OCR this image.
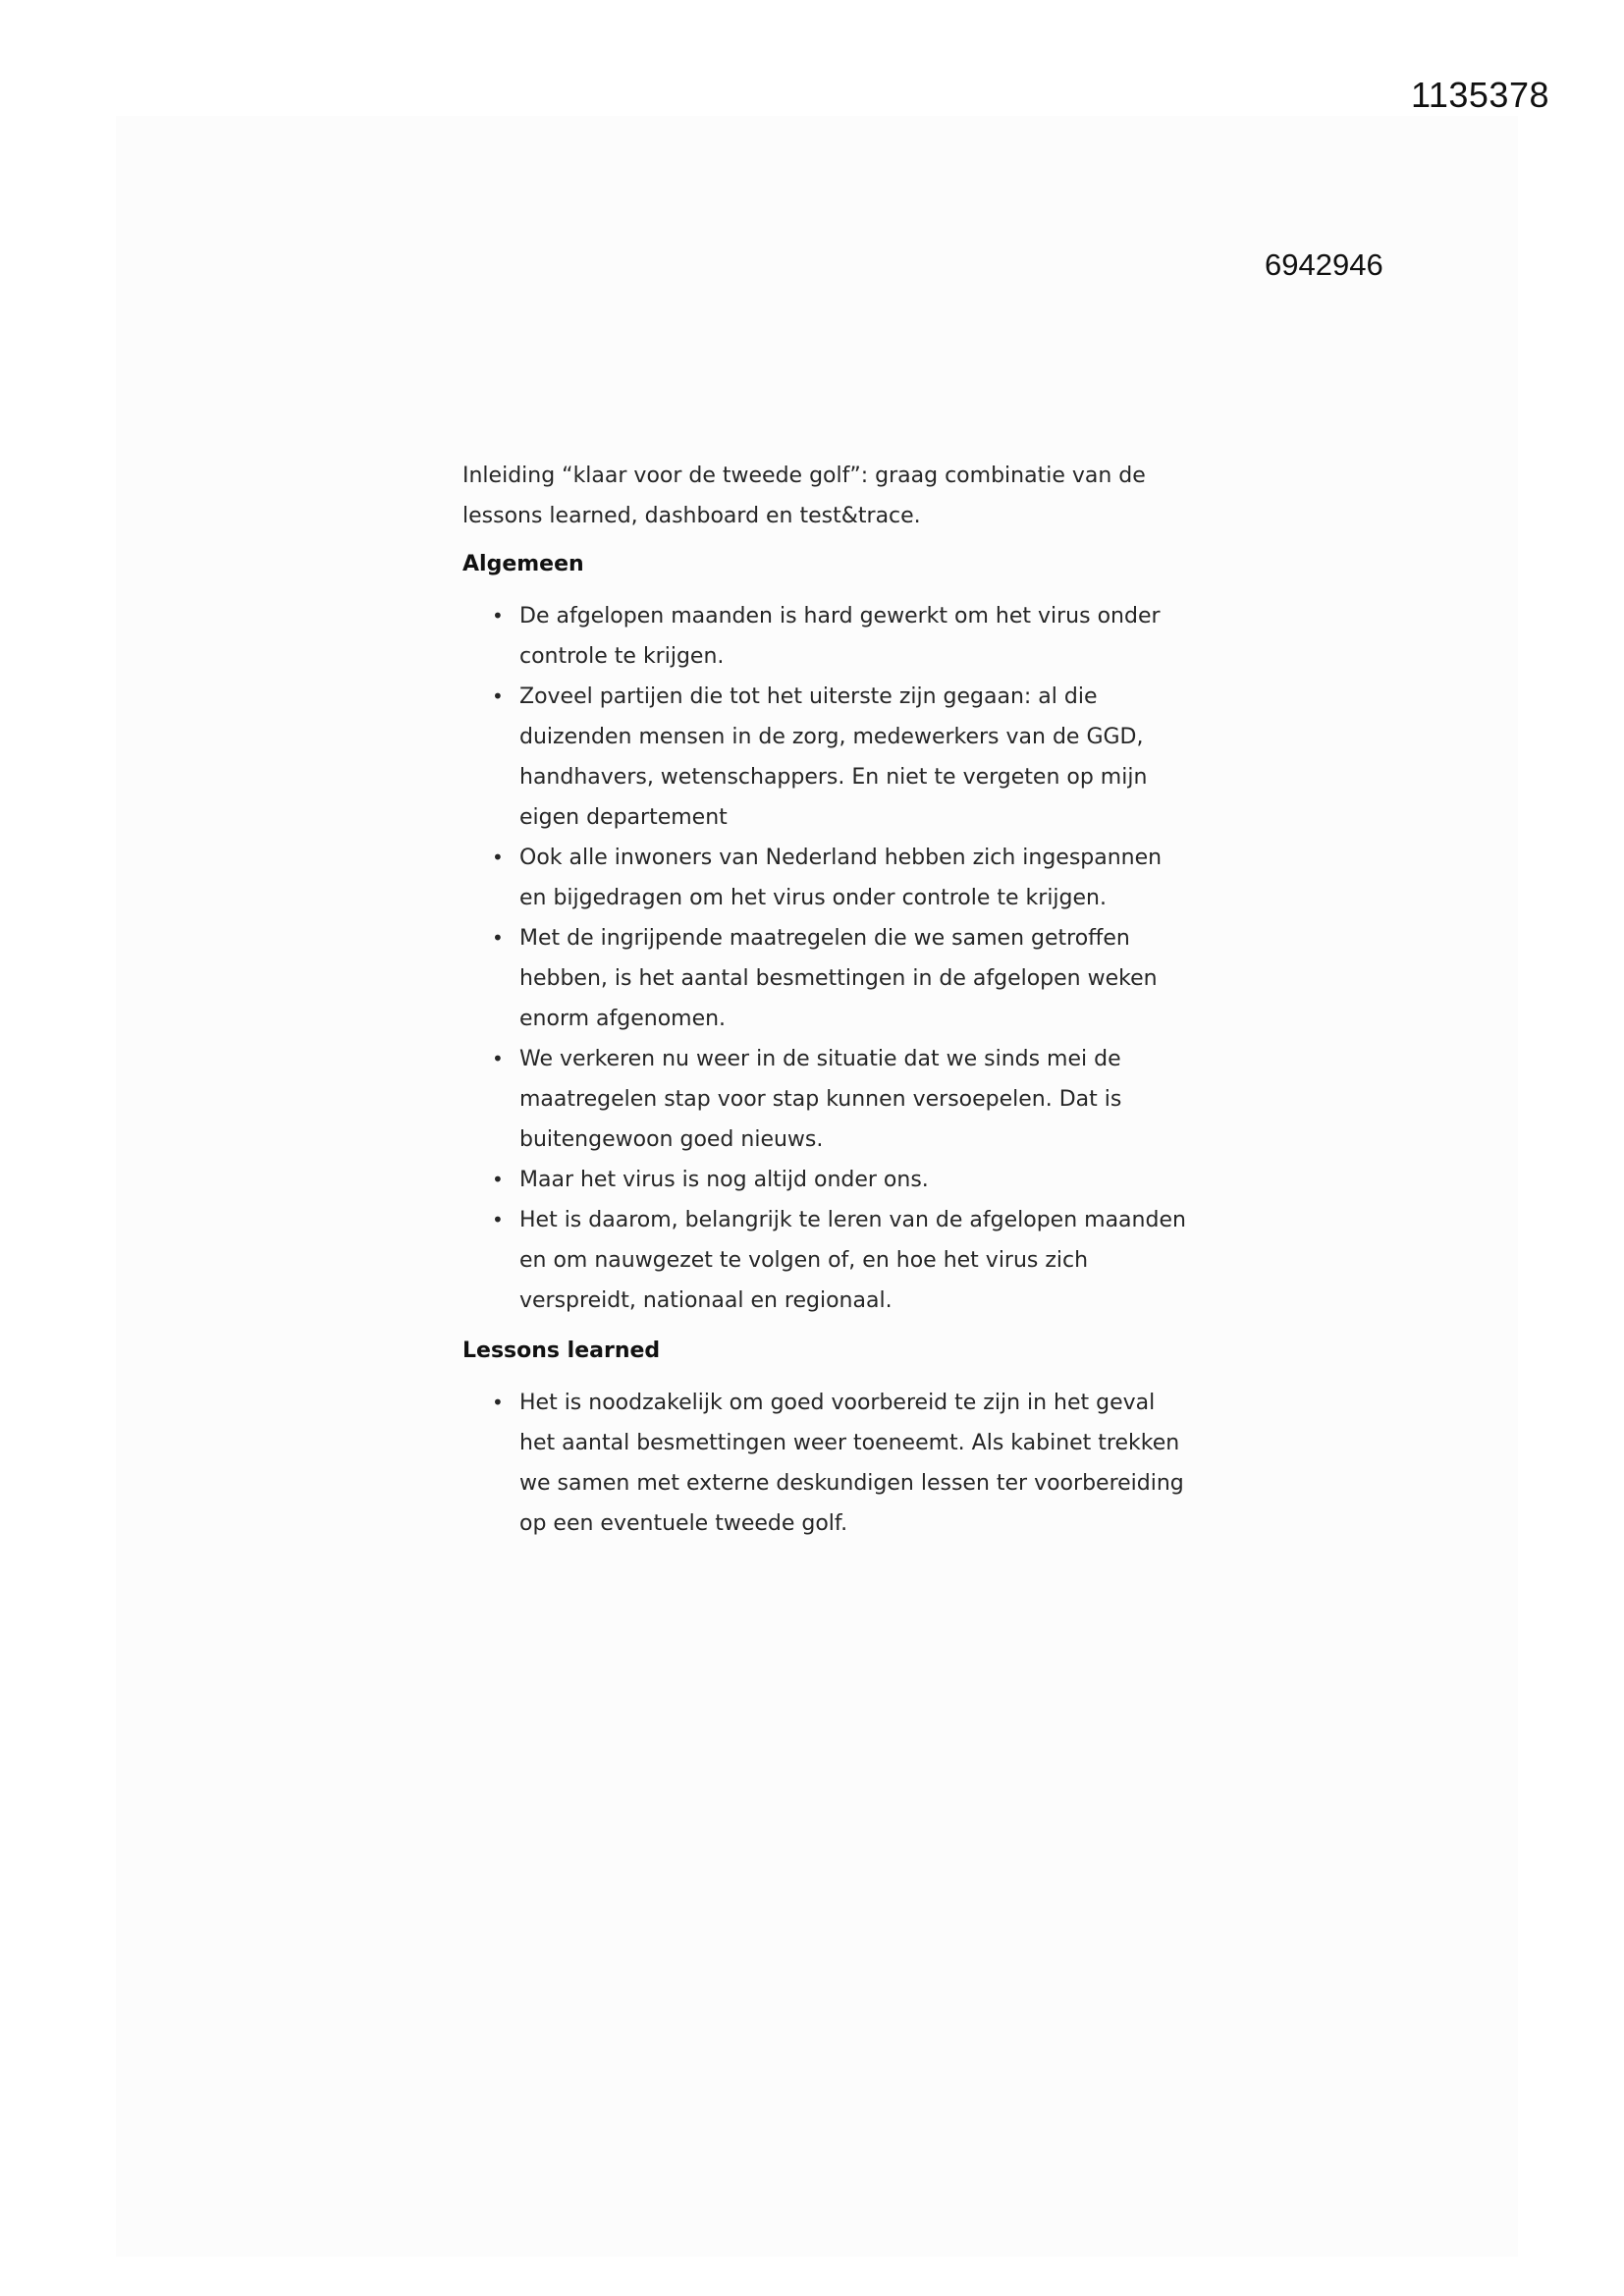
1135378
6942946

Inleiding “klaar voor de tweede golf”: graag combinatie van de lessons learned, dashboard en test&trace.

Algemeen
• De afgelopen maanden is hard gewerkt om het virus onder controle te krijgen.
• Zoveel partijen die tot het uiterste zijn gegaan: al die duizenden mensen in de zorg, medewerkers van de GGD, handhavers, wetenschappers. En niet te vergeten op mijn eigen departement
• Ook alle inwoners van Nederland hebben zich ingespannen en bijgedragen om het virus onder controle te krijgen.
• Met de ingrijpende maatregelen die we samen getroffen hebben, is het aantal besmettingen in de afgelopen weken enorm afgenomen.
• We verkeren nu weer in de situatie dat we sinds mei de maatregelen stap voor stap kunnen versoepelen. Dat is buitengewoon goed nieuws.
• Maar het virus is nog altijd onder ons.
• Het is daarom, belangrijk te leren van de afgelopen maanden en om nauwgezet te volgen of, en hoe het virus zich verspreidt, nationaal en regionaal.
Lessons learned
• Het is noodzakelijk om goed voorbereid te zijn in het geval het aantal besmettingen weer toeneemt. Als kabinet trekken we samen met externe deskundigen lessen ter voorbereiding op een eventuele tweede golf.
